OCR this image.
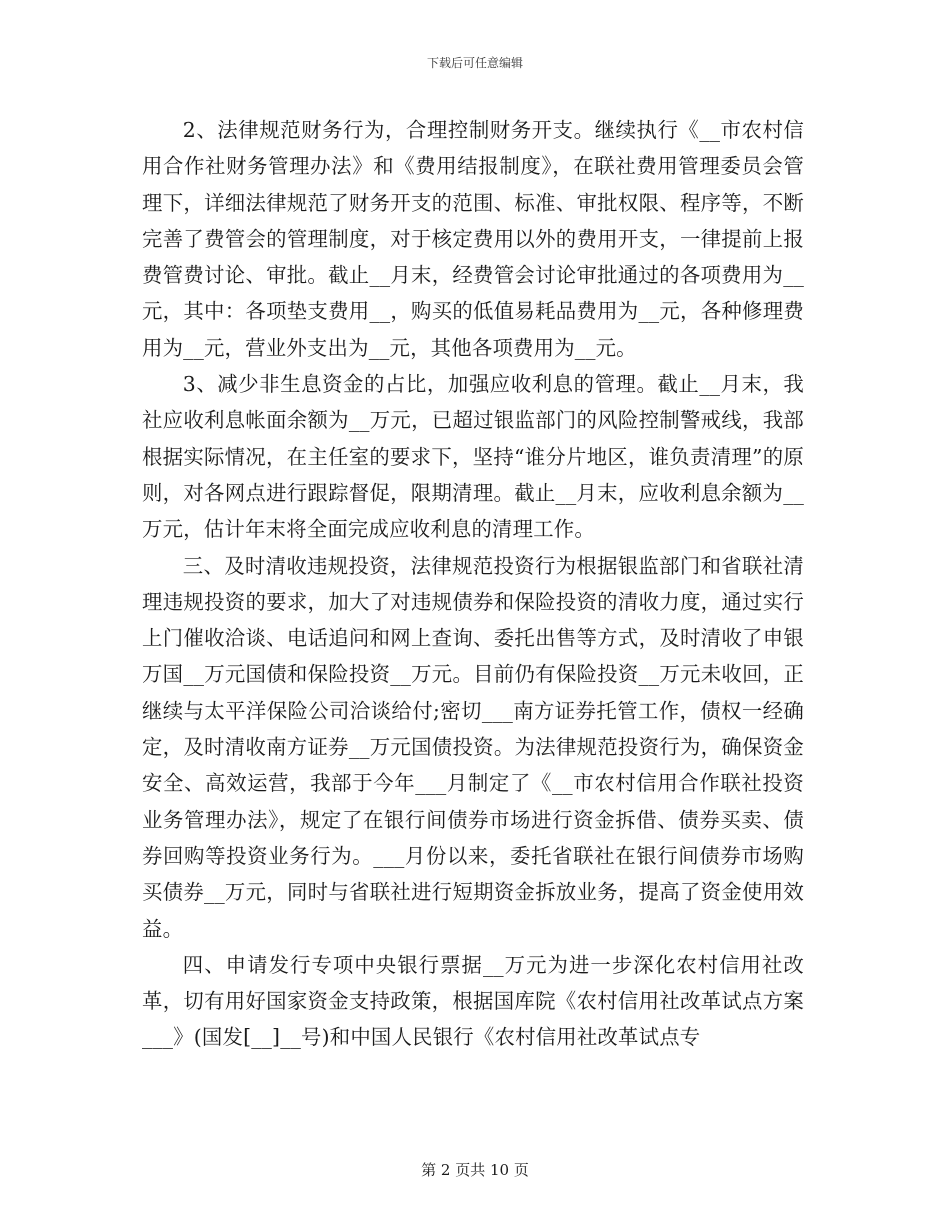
下载后可任意编辑

2、法律规范财务行为，合理控制财务开支。继续执行《__市农村信用合作社财务管理办法》和《费用结报制度》，在联社费用管理委员会管理下，详细法律规范了财务开支的范围、标准、审批权限、程序等，不断完善了费管会的管理制度，对于核定费用以外的费用开支，一律提前上报费管费讨论、审批。截止__月末，经费管会讨论审批通过的各项费用为__元，其中：各项垫支费用__，购买的低值易耗品费用为__元，各种修理费用为__元，营业外支出为__元，其他各项费用为__元。

3、减少非生息资金的占比，加强应收利息的管理。截止__月末，我社应收利息帐面余额为__万元，已超过银监部门的风险控制警戒线，我部根据实际情况，在主任室的要求下，坚持“谁分片地区，谁负责清理”的原则，对各网点进行跟踪督促，限期清理。截止__月末，应收利息余额为__万元，估计年末将全面完成应收利息的清理工作。

三、及时清收违规投资，法律规范投资行为根据银监部门和省联社清理违规投资的要求，加大了对违规债券和保险投资的清收力度，通过实行上门催收洽谈、电话追问和网上查询、委托出售等方式，及时清收了申银万国__万元国债和保险投资__万元。目前仍有保险投资__万元未收回，正继续与太平洋保险公司洽谈给付;密切___南方证券托管工作，债权一经确定，及时清收南方证券__万元国债投资。为法律规范投资行为，确保资金安全、高效运营，我部于今年___月制定了《__市农村信用合作联社投资业务管理办法》，规定了在银行间债券市场进行资金拆借、债券买卖、债券回购等投资业务行为。___月份以来，委托省联社在银行间债券市场购买债券__万元，同时与省联社进行短期资金拆放业务，提高了资金使用效益。

四、申请发行专项中央银行票据__万元为进一步深化农村信用社改革，切有用好国家资金支持政策，根据国库院《农村信用社改革试点方案___》(国发[__]__号)和中国人民银行《农村信用社改革试点专

第 2 页共 10 页
